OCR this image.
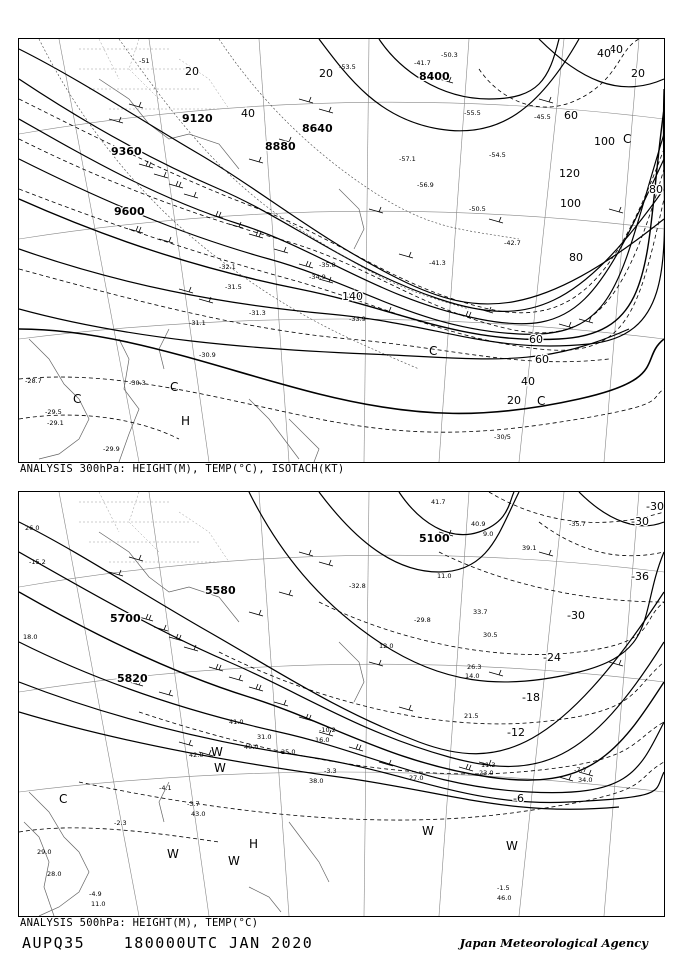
9120
9360
9600
8880
8640
8400
20
40
20
40
60
100
120
100
140
60
80
80
60
40
20
40
20
C
C
H
C
C
C
-51
-53.5
-55.5
-57.1
-41.7
-56.9
-50.5
-45.5
-35.8
-34.9
-33.9
-31.3
-31.5
-31.1
-30.9
-30.3
-29.9
-29.5
-29.1
-30/5
-28.7
-32.1
-42.7
-54.5
-50.3
-41.3
ANALYSIS 300hPa: HEIGHT(M), TEMP(°C), ISOTACH(KT)
5100
5580
5700
5820
-30
-30
-36
-30
-24
-18
-12
-6
H
W	W
W
W
W
W
C
41.7
40.9
9.0
39.1
11.0
33.7
30.5
26.3
14.0
21.5
11.3
23.0	-7.7
34.0
-1.5
46.0
-4.9
11.0
-3.7
43.0
-2.3
-4.1
42.0
41.0
40.0
38.0
-3.3
27.0
-10.2
16.0
12.0
18.0
26.0
28.0
-15.2
29.0
31.0
25.0
-35.7
-32.8
-29.8
ANALYSIS 500hPa: HEIGHT(M), TEMP(°C)
AUPQ35	180000UTC JAN 2020	Japan Meteorological Agency
